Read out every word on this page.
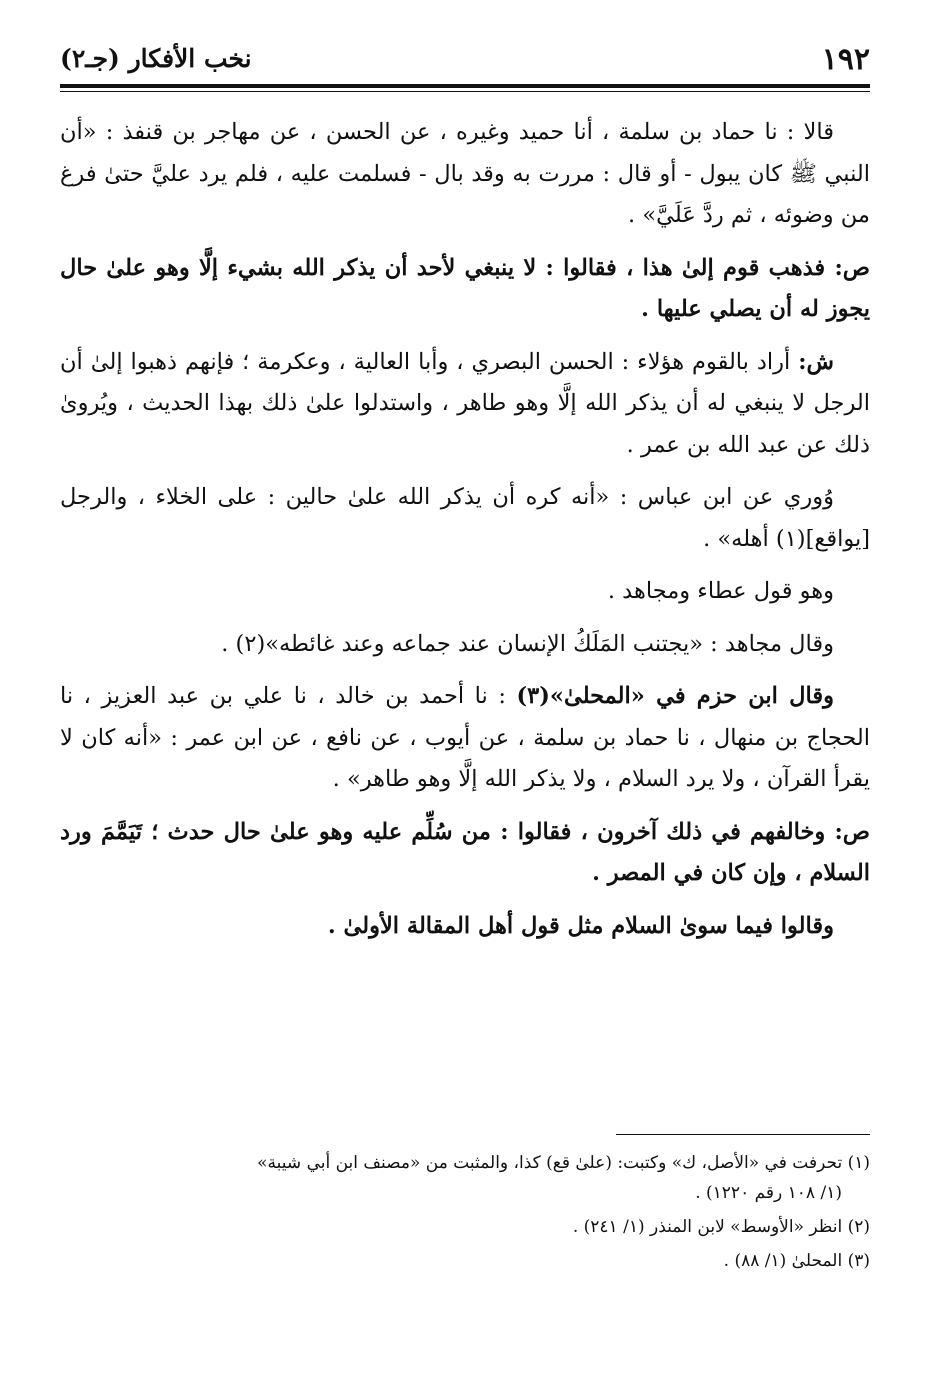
١٩٢
نخب الأفكار (جـ٢)

قالا : نا حماد بن سلمة ، أنا حميد وغيره ، عن الحسن ، عن مهاجر بن قنفذ : «أن النبي ﷺ كان يبول - أو قال : مررت به وقد بال - فسلمت عليه ، فلم يرد عليَّ حتىٰ فرغ من وضوئه ، ثم ردَّ عَلَيَّ» .

ص: فذهب قوم إلىٰ هذا ، فقالوا : لا ينبغي لأحد أن يذكر الله بشيء إلَّا وهو علىٰ حال يجوز له أن يصلي عليها .

ش: أراد بالقوم هؤلاء : الحسن البصري ، وأبا العالية ، وعكرمة ؛ فإنهم ذهبوا إلىٰ أن الرجل لا ينبغي له أن يذكر الله إلَّا وهو طاهر ، واستدلوا علىٰ ذلك بهذا الحديث ، ويُروىٰ ذلك عن عبد الله بن عمر .

وُوري عن ابن عباس : «أنه كره أن يذكر الله علىٰ حالين : على الخلاء ، والرجل [يواقع](١) أهله» .

وهو قول عطاء ومجاهد .

وقال مجاهد : «يجتنب المَلَكُ الإنسان عند جماعه وعند غائطه»(٢) .

وقال ابن حزم في «المحلىٰ»(٣) : نا أحمد بن خالد ، نا علي بن عبد العزيز ، نا الحجاج بن منهال ، نا حماد بن سلمة ، عن أيوب ، عن نافع ، عن ابن عمر : «أنه كان لا يقرأ القرآن ، ولا يرد السلام ، ولا يذكر الله إلَّا وهو طاهر» .

ص: وخالفهم في ذلك آخرون ، فقالوا : من سُلِّم عليه وهو علىٰ حال حدث ؛ تَيَمَّمَ ورد السلام ، وإن كان في المصر .

وقالوا فيما سوىٰ السلام مثل قول أهل المقالة الأولىٰ .

(١) تحرفت في «الأصل، ك» وكتبت: (علىٰ قع) كذا، والمثبت من «مصنف ابن أبي شيبة»
(١/ ١٠٨ رقم ١٢٢٠) .

(٢) انظر «الأوسط» لابن المنذر (١/ ٢٤١) .

(٣) المحلىٰ (١/ ٨٨) .
